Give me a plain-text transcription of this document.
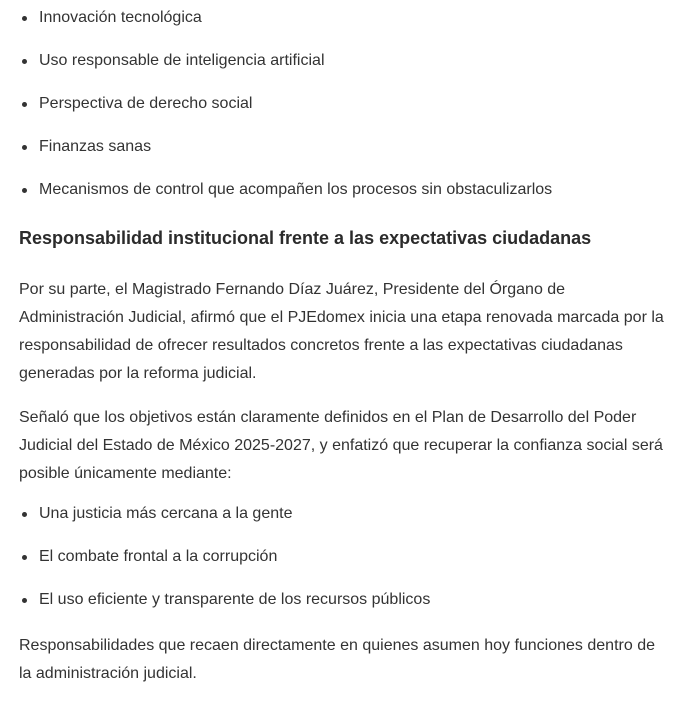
Innovación tecnológica
Uso responsable de inteligencia artificial
Perspectiva de derecho social
Finanzas sanas
Mecanismos de control que acompañen los procesos sin obstaculizarlos
Responsabilidad institucional frente a las expectativas ciudadanas

Por su parte, el Magistrado Fernando Díaz Juárez, Presidente del Órgano de Administración Judicial, afirmó que el PJEdomex inicia una etapa renovada marcada por la responsabilidad de ofrecer resultados concretos frente a las expectativas ciudadanas generadas por la reforma judicial.

Señaló que los objetivos están claramente definidos en el Plan de Desarrollo del Poder Judicial del Estado de México 2025-2027, y enfatizó que recuperar la confianza social será posible únicamente mediante:

Una justicia más cercana a la gente
El combate frontal a la corrupción
El uso eficiente y transparente de los recursos públicos

Responsabilidades que recaen directamente en quienes asumen hoy funciones dentro de la administración judicial.
